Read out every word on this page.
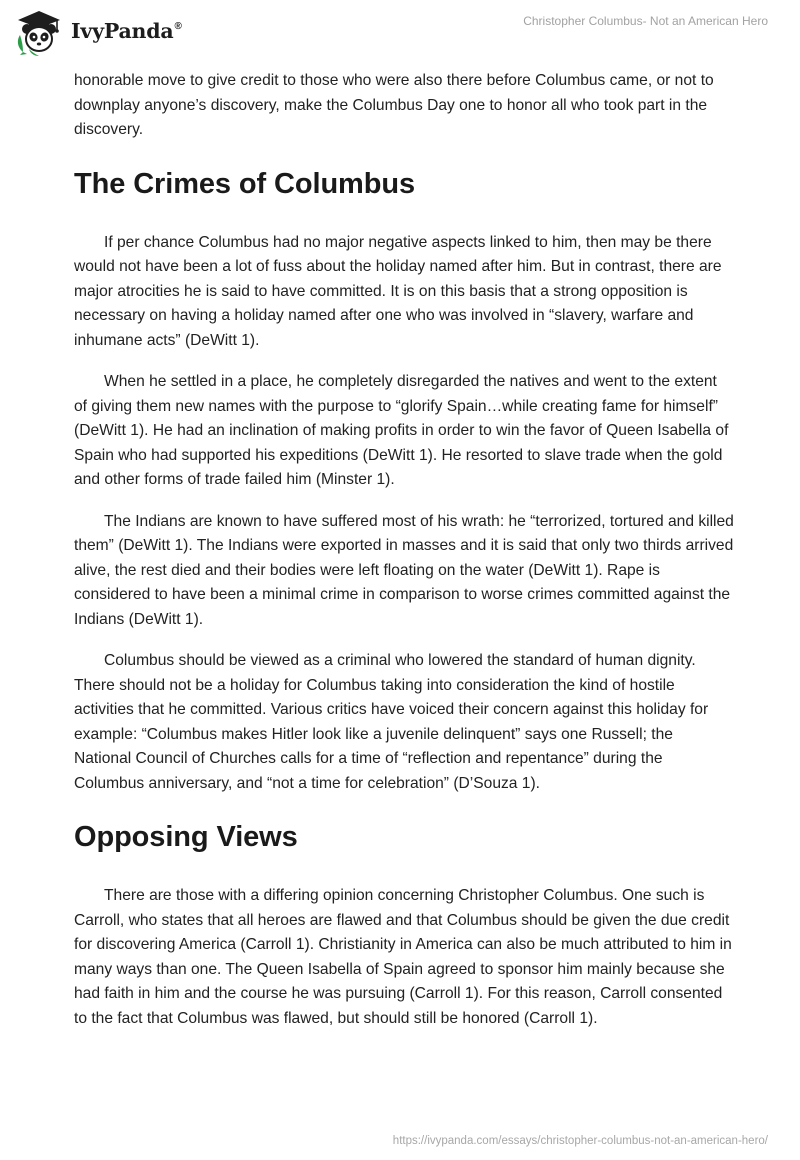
IvyPanda®	Christopher Columbus- Not an American Hero

honorable move to give credit to those who were also there before Columbus came, or not to downplay anyone’s discovery, make the Columbus Day one to honor all who took part in the discovery.

The Crimes of Columbus

If per chance Columbus had no major negative aspects linked to him, then may be there would not have been a lot of fuss about the holiday named after him. But in contrast, there are major atrocities he is said to have committed. It is on this basis that a strong opposition is necessary on having a holiday named after one who was involved in “slavery, warfare and inhumane acts” (DeWitt 1).

When he settled in a place, he completely disregarded the natives and went to the extent of giving them new names with the purpose to “glorify Spain…while creating fame for himself” (DeWitt 1). He had an inclination of making profits in order to win the favor of Queen Isabella of Spain who had supported his expeditions (DeWitt 1). He resorted to slave trade when the gold and other forms of trade failed him (Minster 1).

The Indians are known to have suffered most of his wrath: he “terrorized, tortured and killed them” (DeWitt 1). The Indians were exported in masses and it is said that only two thirds arrived alive, the rest died and their bodies were left floating on the water (DeWitt 1). Rape is considered to have been a minimal crime in comparison to worse crimes committed against the Indians (DeWitt 1).

Columbus should be viewed as a criminal who lowered the standard of human dignity. There should not be a holiday for Columbus taking into consideration the kind of hostile activities that he committed. Various critics have voiced their concern against this holiday for example: “Columbus makes Hitler look like a juvenile delinquent” says one Russell; the National Council of Churches calls for a time of “reflection and repentance” during the Columbus anniversary, and “not a time for celebration” (D’Souza 1).

Opposing Views

There are those with a differing opinion concerning Christopher Columbus. One such is Carroll, who states that all heroes are flawed and that Columbus should be given the due credit for discovering America (Carroll 1). Christianity in America can also be much attributed to him in many ways than one. The Queen Isabella of Spain agreed to sponsor him mainly because she had faith in him and the course he was pursuing (Carroll 1). For this reason, Carroll consented to the fact that Columbus was flawed, but should still be honored (Carroll 1).

https://ivypanda.com/essays/christopher-columbus-not-an-american-hero/
